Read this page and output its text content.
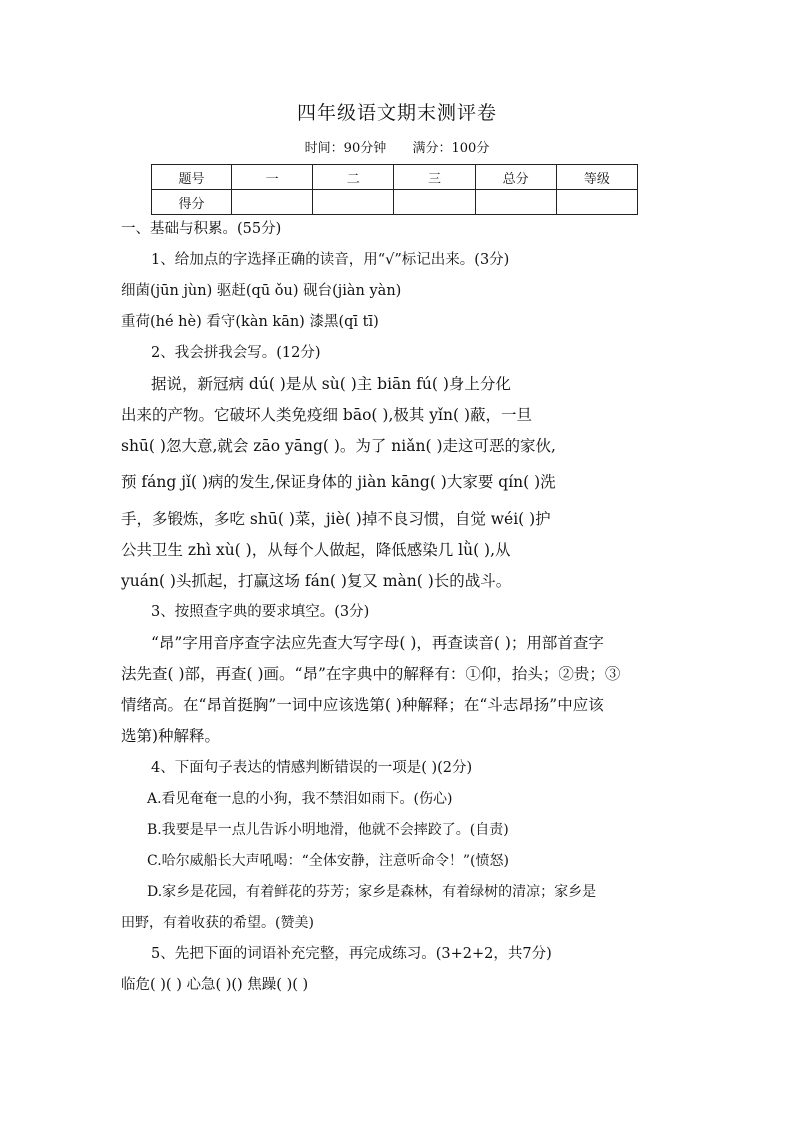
四年级语文期末测评卷
时间：90分钟 满分：100分
题号	一	二	三	总分	等级
得分					
一、基础与积累。(55分)
1、给加点的字选择正确的读音，用“√”标记出来。(3分)
细菌(jūn jùn) 驱赶(qū ǒu) 砚台(jiàn yàn)
重荷(hé hè) 看守(kàn kān) 漆黑(qī tī)
2、我会拼我会写。(12分)
据说，新冠病 dú( )是从 sù( )主 biān fú( )身上分化
出来的产物。它破坏人类免疫细 bāo( ),极其 yǐn( )蔽，一旦
shū( )忽大意,就会 zāo yāng( )。为了 niǎn( )走这可恶的家伙,
预 fáng jǐ( )病的发生,保证身体的 jiàn kāng( )大家要 qín( )洗
手，多锻炼，多吃 shū( )菜，jiè( )掉不良习惯，自觉 wéi( )护
公共卫生 zhì xù( )，从每个人做起，降低感染几 lǜ( ),从
yuán( )头抓起，打赢这场 fán( )复又 màn( )长的战斗。
3、按照查字典的要求填空。(3分)
“昂”字用音序查字法应先查大写字母( )，再查读音( )；用部首查字
法先查( )部，再查( )画。“昂”在字典中的解释有：①仰，抬头；②贵；③
情绪高。在“昂首挺胸”一词中应该选第( )种解释；在“斗志昂扬”中应该
选第)种解释。
4、下面句子表达的情感判断错误的一项是( )(2分)
A.看见奄奄一息的小狗，我不禁泪如雨下。(伤心)
B.我要是早一点儿告诉小明地滑，他就不会摔跤了。(自责)
C.哈尔威船长大声吼喝：“全体安静，注意听命令！”(愤怒)
D.家乡是花园，有着鲜花的芬芳；家乡是森林，有着绿树的清凉；家乡是
田野，有着收获的希望。(赞美)
5、先把下面的词语补充完整，再完成练习。(3+2+2，共7分)
临危( )( ) 心急( )() 焦躁( )( )
